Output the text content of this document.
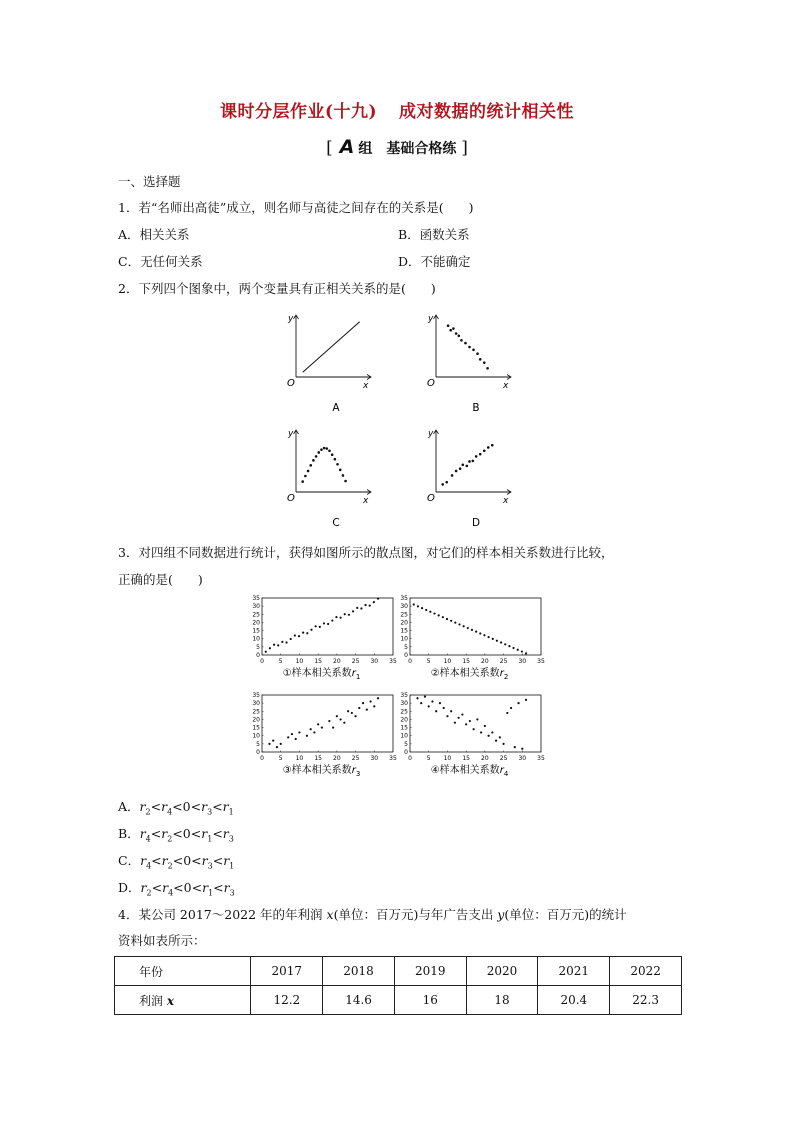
课时分层作业(十九) 成对数据的统计相关性
[ A 组　基础合格练 ]
一、选择题
1．若“名师出高徒”成立，则名师与高徒之间存在的关系是(　　)
A．相关关系	B．函数关系
C．无任何关系	D．不能确定
2．下列四个图象中，两个变量具有正相关关系的是(　　)
y
x
O
A
y
x
O
B
y
x
O
C
y
x
O
D
3．对四组不同数据进行统计，获得如图所示的散点图，对它们的样本相关系数进行比较，
正确的是(　　)
0
0
5
5
10
10
15
15
20
20
25
25
30
30
35
35
①样本相关系数$r_1$
0
0
5
5
10
10
15
15
20
20
25
25
30
30
35
35
②样本相关系数$r_2$
0
0
5
5
10
10
15
15
20
20
25
25
30
30
35
35
③样本相关系数$r_3$
0
0
5
5
10
10
15
15
20
20
25
25
30
30
35
35
④样本相关系数$r_4$
A．$r_2<r_4<0<r_3<r_1$
B．$r_4<r_2<0<r_1<r_3$
C．$r_4<r_2<0<r_3<r_1$
D．$r_2<r_4<0<r_1<r_3$
4．某公司 2017～2022 年的年利润 x(单位：百万元)与年广告支出 y(单位：百万元)的统计
资料如表所示：
年份	2017	2018	2019	2020	2021	2022
利润 x	12.2	14.6	16	18	20.4	22.3
